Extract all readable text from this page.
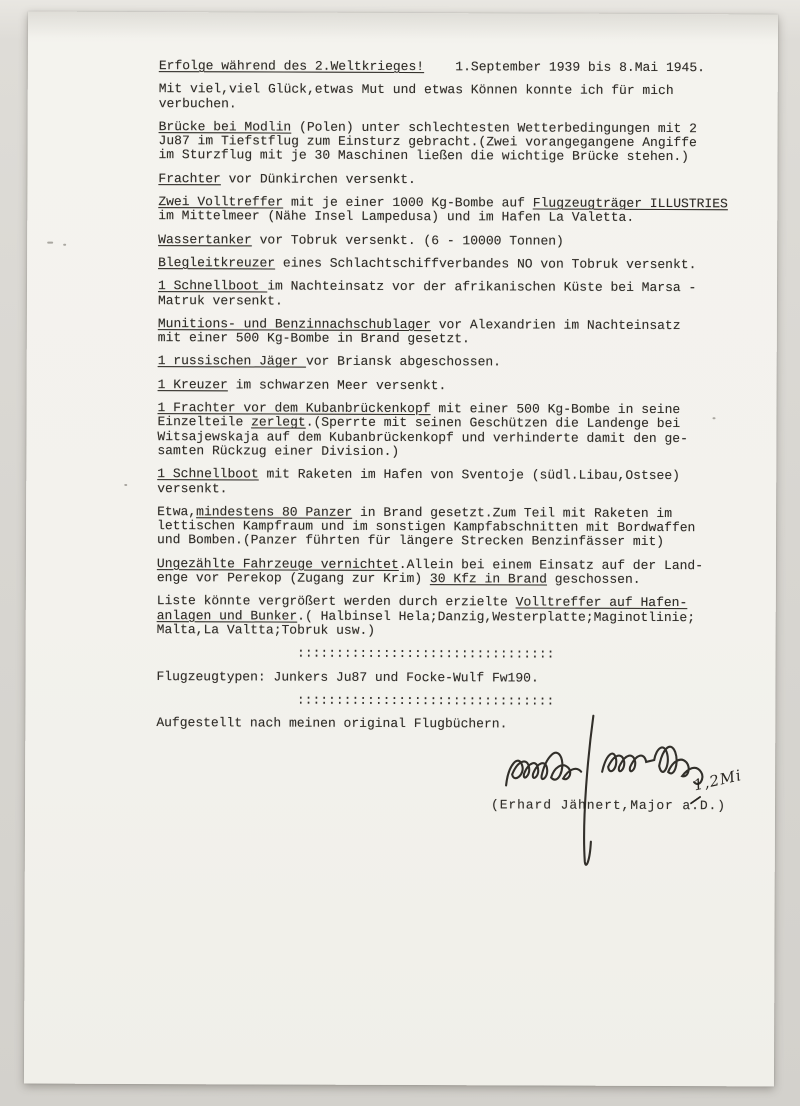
Erfolge während des 2.Weltkrieges! 1.September 1939 bis 8.Mai 1945.
Mit viel,viel Glück,etwas Mut und etwas Können konnte ich für mich
verbuchen.
Brücke bei Modlin (Polen) unter schlechtesten Wetterbedingungen mit 2
Ju87 im Tiefstflug zum Einsturz gebracht.(Zwei vorangegangene Angiffe
im Sturzflug mit je 30 Maschinen ließen die wichtige Brücke stehen.)
Frachter vor Dünkirchen versenkt.
Zwei Volltreffer mit je einer 1000 Kg-Bombe auf Flugzeugträger ILLUSTRIES
im Mittelmeer (Nähe Insel Lampedusa) und im Hafen La Valetta.
Wassertanker vor Tobruk versenkt. (6 - 10000 Tonnen)
Blegleitkreuzer eines Schlachtschiffverbandes NO von Tobruk versenkt.
1 Schnellboot im Nachteinsatz vor der afrikanischen Küste bei Marsa -
Matruk versenkt.
Munitions- und Benzinnachschublager vor Alexandrien im Nachteinsatz
mit einer 500 Kg-Bombe in Brand gesetzt.
1 russischen Jäger vor Briansk abgeschossen.
1 Kreuzer im schwarzen Meer versenkt.
1 Frachter vor dem Kubanbrückenkopf mit einer 500 Kg-Bombe in seine
Einzelteile zerlegt.(Sperrte mit seinen Geschützen die Landenge bei
Witsajewskaja auf dem Kubanbrückenkopf und verhinderte damit den ge-
samten Rückzug einer Division.)
1 Schnellboot mit Raketen im Hafen von Sventoje (südl.Libau,Ostsee)
versenkt.
Etwa,mindestens 80 Panzer in Brand gesetzt.Zum Teil mit Raketen im
lettischen Kampfraum und im sonstigen Kampfabschnitten mit Bordwaffen
und Bomben.(Panzer führten für längere Strecken Benzinfässer mit)
Ungezählte Fahrzeuge vernichtet.Allein bei einem Einsatz auf der Land-
enge vor Perekop (Zugang zur Krim) 30 Kfz in Brand geschossen.
Liste könnte vergrößert werden durch erzielte Volltreffer auf Hafen-
anlagen und Bunker.( Halbinsel Hela;Danzig,Westerplatte;Maginotlinie;
Malta,La Valtta;Tobruk usw.)
:::::::::::::::::::::::::::::::::
Flugzeugtypen: Junkers Ju87 und Focke-Wulf Fw190.
:::::::::::::::::::::::::::::::::
Aufgestellt nach meinen original Flugbüchern.
(Erhard Jähnert,Major a.D.)
1,2Mi
